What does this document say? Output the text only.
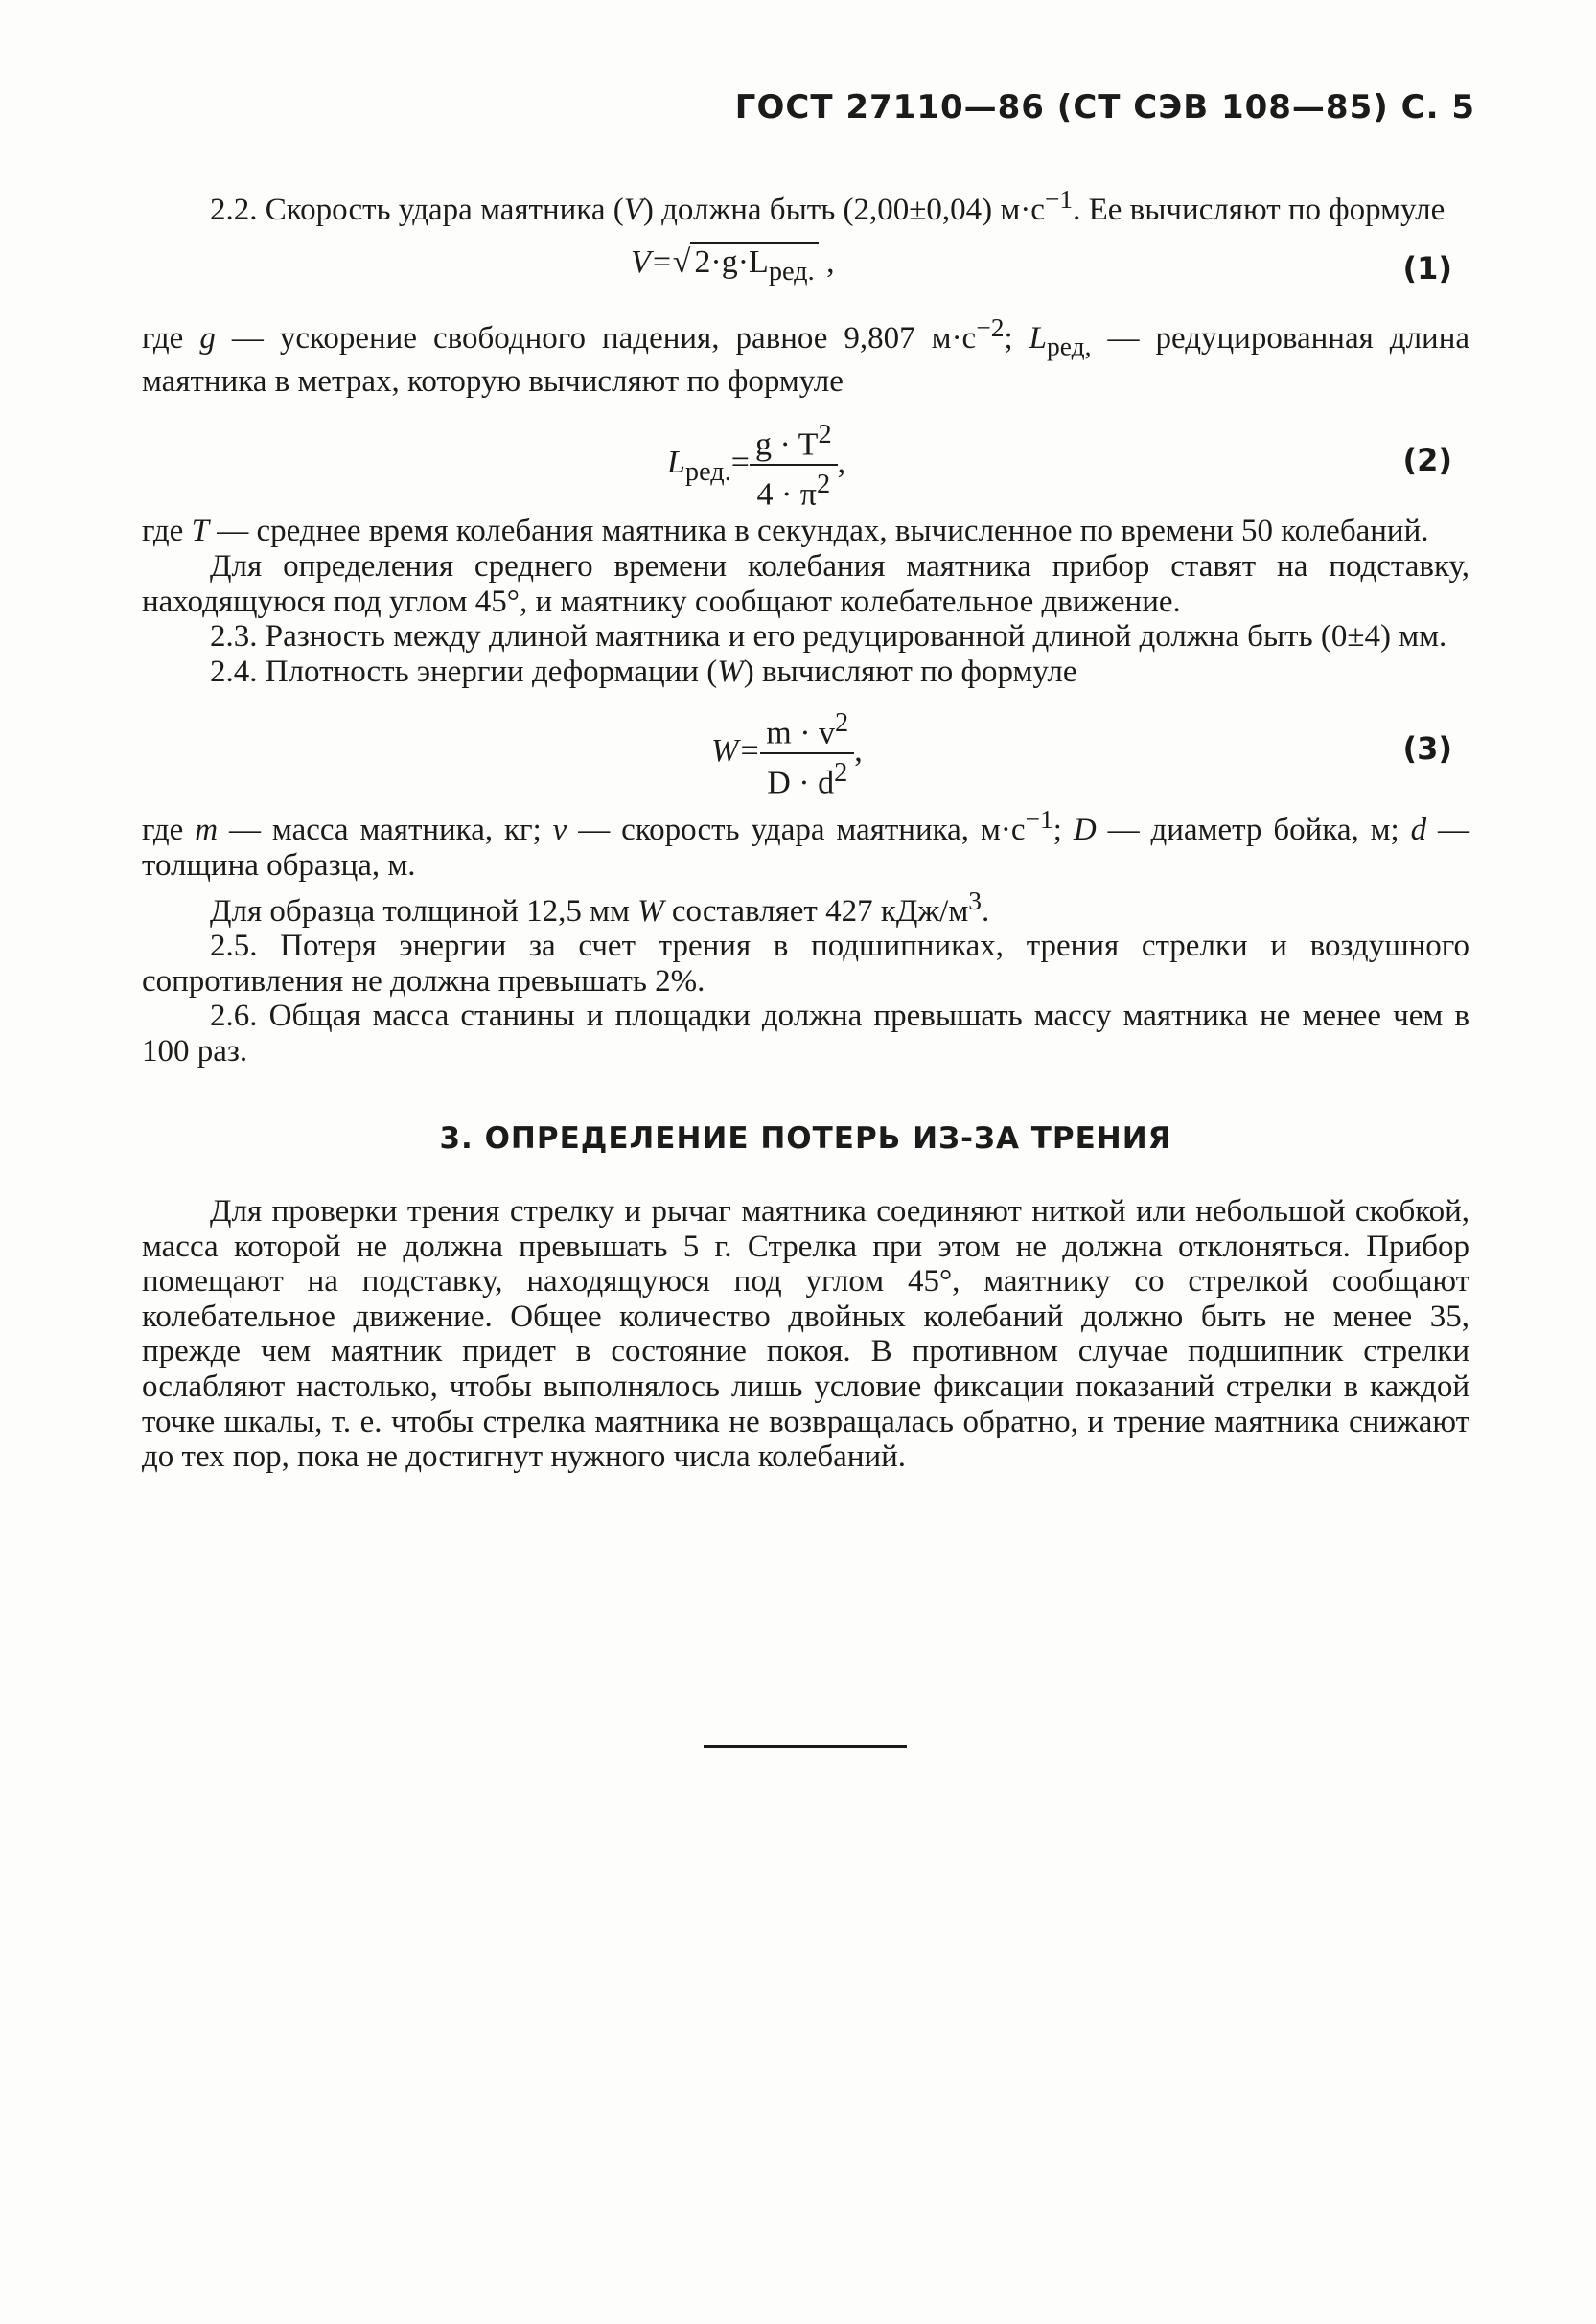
ГОСТ 27110—86 (СТ СЭВ 108—85) С. 5

2.2. Скорость удара маятника (V) должна быть (2,00±0,04) $м\cdot с^{-1}$. Ее вычисляют по формуле

V=√ $2\cdot g\cdot L_{ред.}$ ,	(1)

где g — ускорение свободного падения, равное 9,807 $м\cdot с^{-2}$; $L_{ред,}$ — редуцированная длина маятника в метрах, которую вычисляют по формуле

$L_{ред.}= \frac{g \cdot T^2}{4 \cdot \pi^2}$ ,	(2)

где T — среднее время колебания маятника в секундах, вычисленное по времени 50 колебаний.

Для определения среднего времени колебания маятника прибор ставят на подставку, находящуюся под углом 45°, и маятнику сообщают колебательное движение.

2.3. Разность между длиной маятника и его редуцированной длиной должна быть (0±4) мм.

2.4. Плотность энергии деформации (W) вычисляют по формуле

$W= \frac{m \cdot v^2}{D \cdot d^2}$ ,	(3)

где m — масса маятника, кг; v — скорость удара маятника, $м\cdot с^{-1}$; D — диаметр бойка, м; d — толщина образца, м.

Для образца толщиной 12,5 мм W составляет 427 кДж/$м^3$.

2.5. Потеря энергии за счет трения в подшипниках, трения стрелки и воздушного сопротивления не должна превышать 2%.

2.6. Общая масса станины и площадки должна превышать массу маятника не менее чем в 100 раз.

3. ОПРЕДЕЛЕНИЕ ПОТЕРЬ ИЗ-ЗА ТРЕНИЯ

Для проверки трения стрелку и рычаг маятника соединяют ниткой или небольшой скобкой, масса которой не должна превышать 5 г. Стрелка при этом не должна отклоняться. Прибор помещают на подставку, находящуюся под углом 45°, маятнику со стрелкой сообщают колебательное движение. Общее количество двойных колебаний должно быть не менее 35, прежде чем маятник придет в состояние покоя. В противном случае подшипник стрелки ослабляют настолько, чтобы выполнялось лишь условие фиксации показаний стрелки в каждой точке шкалы, т. е. чтобы стрелка маятника не возвращалась обратно, и трение маятника снижают до тех пор, пока не достигнут нужного числа колебаний.
